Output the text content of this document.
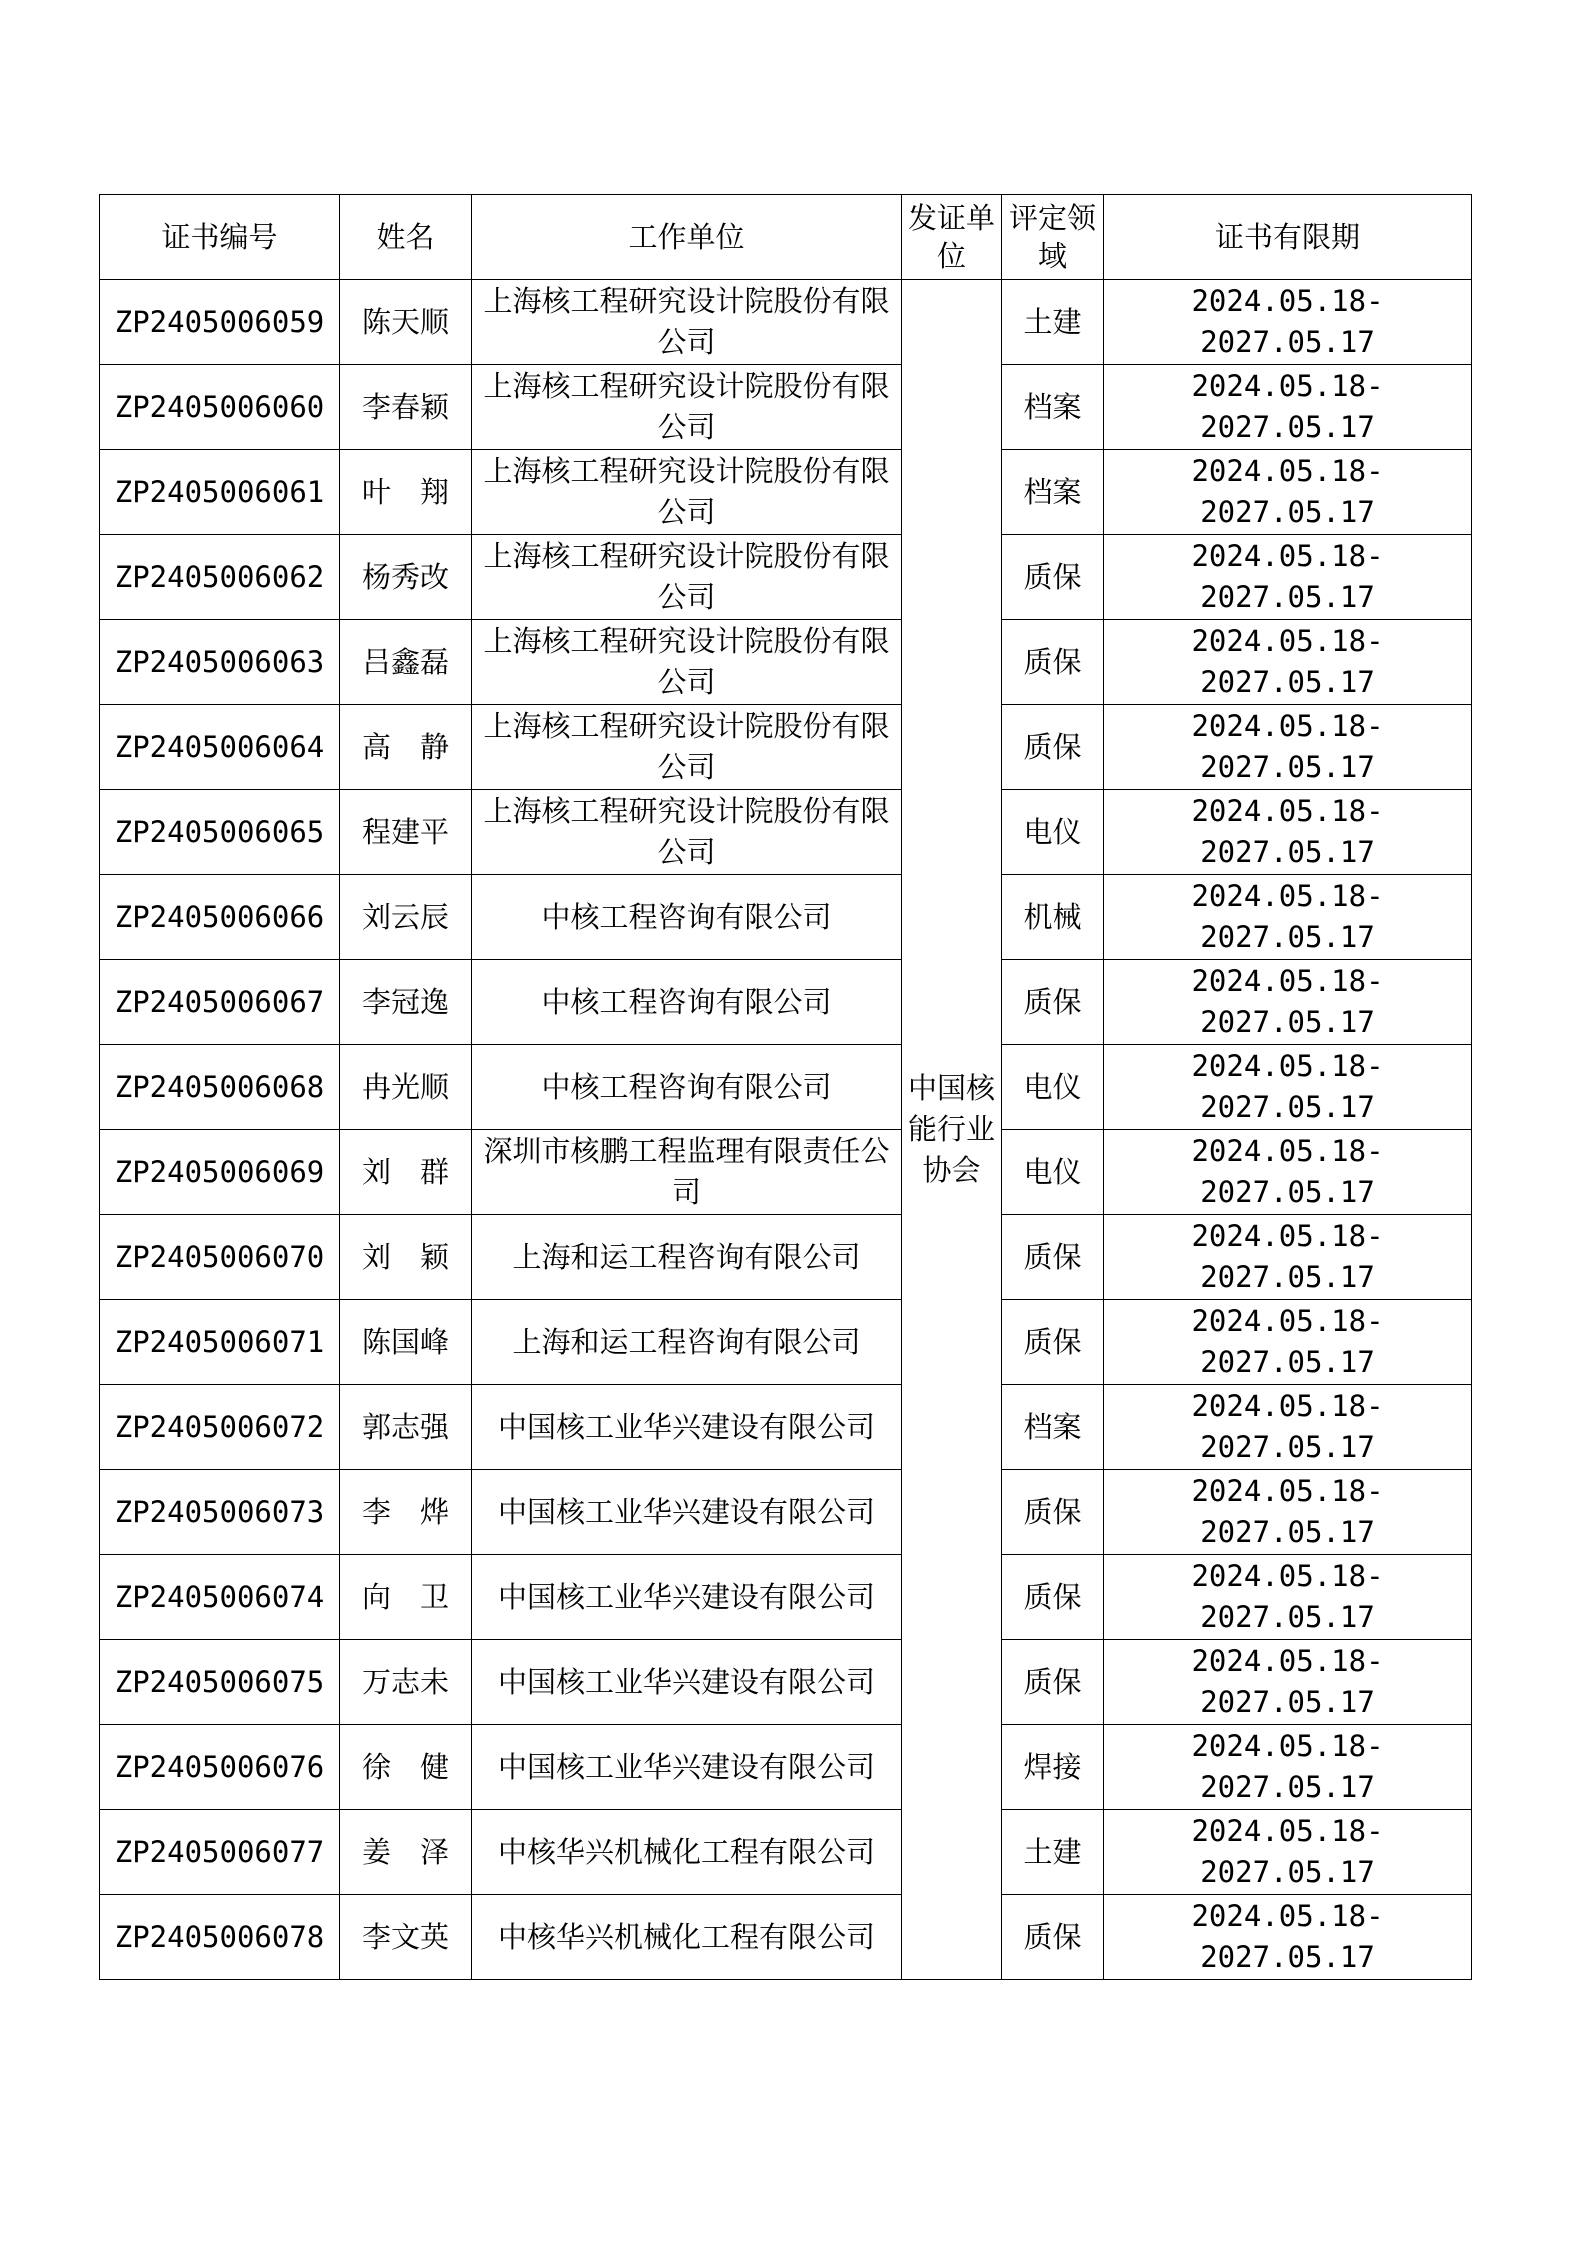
证书编号	姓名	工作单位	发证单位	评定领域	证书有限期
ZP2405006059	陈天顺	上海核工程研究设计院股份有限公司	中国核能行业协会	土建	2024.05.18-2027.05.17
ZP2405006060	李春颖	上海核工程研究设计院股份有限公司		档案	2024.05.18-2027.05.17
ZP2405006061	叶　翔	上海核工程研究设计院股份有限公司		档案	2024.05.18-2027.05.17
ZP2405006062	杨秀改	上海核工程研究设计院股份有限公司		质保	2024.05.18-2027.05.17
ZP2405006063	吕鑫磊	上海核工程研究设计院股份有限公司		质保	2024.05.18-2027.05.17
ZP2405006064	高　静	上海核工程研究设计院股份有限公司		质保	2024.05.18-2027.05.17
ZP2405006065	程建平	上海核工程研究设计院股份有限公司		电仪	2024.05.18-2027.05.17
ZP2405006066	刘云辰	中核工程咨询有限公司		机械	2024.05.18-2027.05.17
ZP2405006067	李冠逸	中核工程咨询有限公司		质保	2024.05.18-2027.05.17
ZP2405006068	冉光顺	中核工程咨询有限公司		电仪	2024.05.18-2027.05.17
ZP2405006069	刘　群	深圳市核鹏工程监理有限责任公司		电仪	2024.05.18-2027.05.17
ZP2405006070	刘　颖	上海和运工程咨询有限公司		质保	2024.05.18-2027.05.17
ZP2405006071	陈国峰	上海和运工程咨询有限公司		质保	2024.05.18-2027.05.17
ZP2405006072	郭志强	中国核工业华兴建设有限公司		档案	2024.05.18-2027.05.17
ZP2405006073	李　烨	中国核工业华兴建设有限公司		质保	2024.05.18-2027.05.17
ZP2405006074	向　卫	中国核工业华兴建设有限公司		质保	2024.05.18-2027.05.17
ZP2405006075	万志未	中国核工业华兴建设有限公司		质保	2024.05.18-2027.05.17
ZP2405006076	徐　健	中国核工业华兴建设有限公司		焊接	2024.05.18-2027.05.17
ZP2405006077	姜　泽	中核华兴机械化工程有限公司		土建	2024.05.18-2027.05.17
ZP2405006078	李文英	中核华兴机械化工程有限公司		质保	2024.05.18-2027.05.17
